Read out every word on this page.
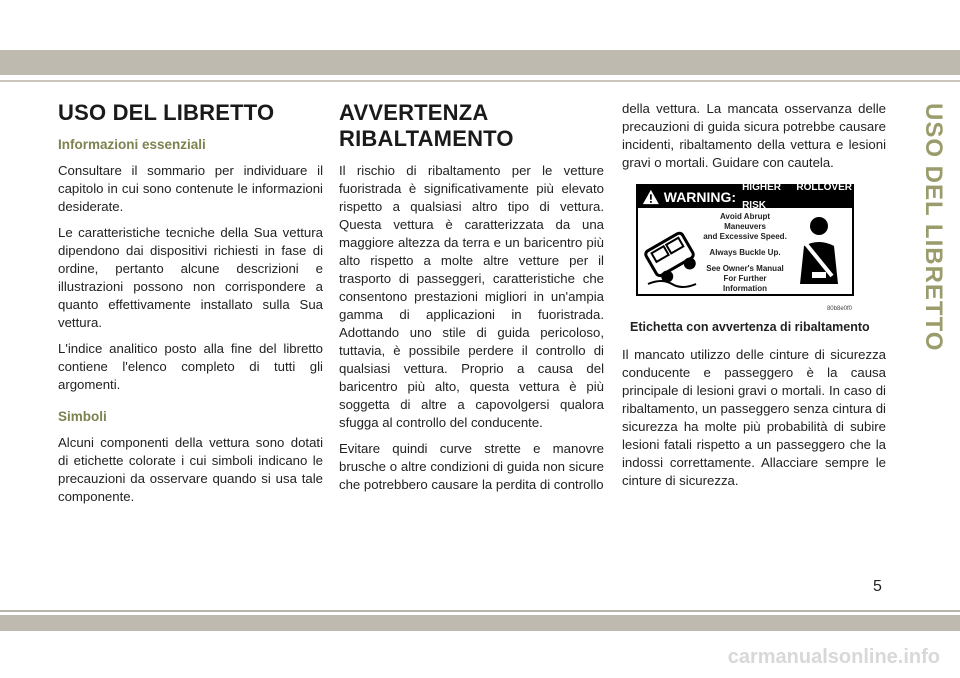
USO DEL LIBRETTO
USO DEL LIBRETTO
Informazioni essenziali

Consultare il sommario per individuare il capitolo in cui sono contenute le informazioni desiderate.

Le caratteristiche tecniche della Sua vettura dipendono dai dispositivi richiesti in fase di ordine, pertanto alcune descrizioni e illustrazioni possono non corrispondere a quanto effettivamente installato sulla Sua vettura.

L'indice analitico posto alla fine del libretto contiene l'elenco completo di tutti gli argomenti.

Simboli

Alcuni componenti della vettura sono dotati di etichette colorate i cui simboli indicano le precauzioni da osservare quando si usa tale componente.

AVVERTENZA
RIBALTAMENTO

Il rischio di ribaltamento per le vetture fuoristrada è significativamente più elevato rispetto a qualsiasi altro tipo di vettura. Questa vettura è caratterizzata da una maggiore altezza da terra e un baricentro più alto rispetto a molte altre vetture per il trasporto di passeggeri, caratteristiche che consentono prestazioni migliori in un'ampia gamma di applicazioni in fuoristrada. Adottando uno stile di guida pericoloso, tuttavia, è possibile perdere il controllo di qualsiasi vettura. Proprio a causa del baricentro più alto, questa vettura è più soggetta di altre a capovolgersi qualora sfugga al controllo del conducente.

Evitare quindi curve strette e manovre brusche o altre condizioni di guida non sicure che potrebbero causare la perdita di controllo

della vettura. La mancata osservanza delle precauzioni di guida sicura potrebbe causare incidenti, ribaltamento della vettura e lesioni gravi o mortali. Guidare con cautela.

WARNING:
HIGHER ROLLOVER RISK
Avoid Abrupt Maneuvers
and Excessive Speed.
Always Buckle Up.
See Owner's Manual
For Further Information
80b8e0f0
Etichetta con avvertenza di ribaltamento

Il mancato utilizzo delle cinture di sicurezza conducente e passeggero è la causa principale di lesioni gravi o mortali. In caso di ribaltamento, un passeggero senza cintura di sicurezza ha molte più probabilità di subire lesioni fatali rispetto a un passeggero che la indossi correttamente. Allacciare sempre le cinture di sicurezza.

5
carmanualsonline.info
